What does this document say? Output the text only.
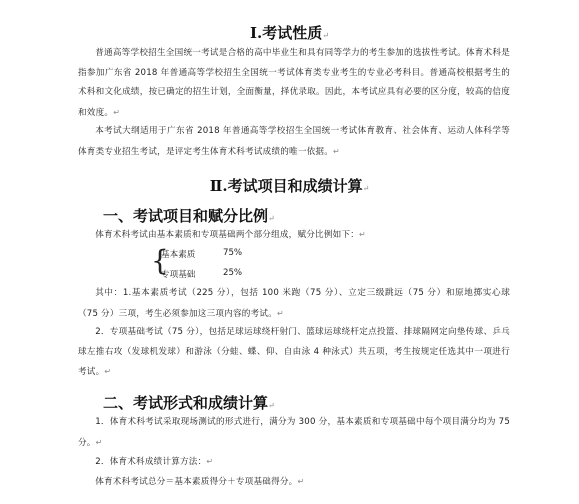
Ⅰ.考试性质↵
普通高等学校招生全国统一考试是合格的高中毕业生和具有同等学力的考生参加的选拔性考试。体育术科是指参加广东省 2018 年普通高等学校招生全国统一考试体育类专业考生的专业必考科目。普通高校根据考生的术科和文化成绩，按已确定的招生计划，全面衡量，择优录取。因此，本考试应具有必要的区分度，较高的信度和效度。↵
本考试大纲适用于广东省 2018 年普通高等学校招生全国统一考试体育教育、社会体育、运动人体科学等体育类专业招生考试，是评定考生体育术科考试成绩的唯一依据。↵
Ⅱ.考试项目和成绩计算↵
一、考试项目和赋分比例↵
体育术科考试由基本素质和专项基础两个部分组成，赋分比例如下：↵
{
基本素质	75%
专项基础	25%
其中：1.基本素质考试（225 分），包括 100 米跑（75 分）、立定三级跳远（75 分）和原地掷实心球（75 分）三项，考生必须参加这三项内容的考试。↵
2．专项基础考试（75 分），包括足球运球绕杆射门、篮球运球绕杆定点投篮、排球隔网定向垫传球、乒乓球左推右攻（发球机发球）和游泳（分蛙、蝶、仰、自由泳 4 种泳式）共五项，考生按规定任选其中一项进行考试。↵
二、考试形式和成绩计算↵
1．体育术科考试采取现场测试的形式进行，满分为 300 分，基本素质和专项基础中每个项目满分均为 75 分。↵
2．体育术科成绩计算方法：↵
体育术科考试总分＝基本素质得分＋专项基础得分。↵
